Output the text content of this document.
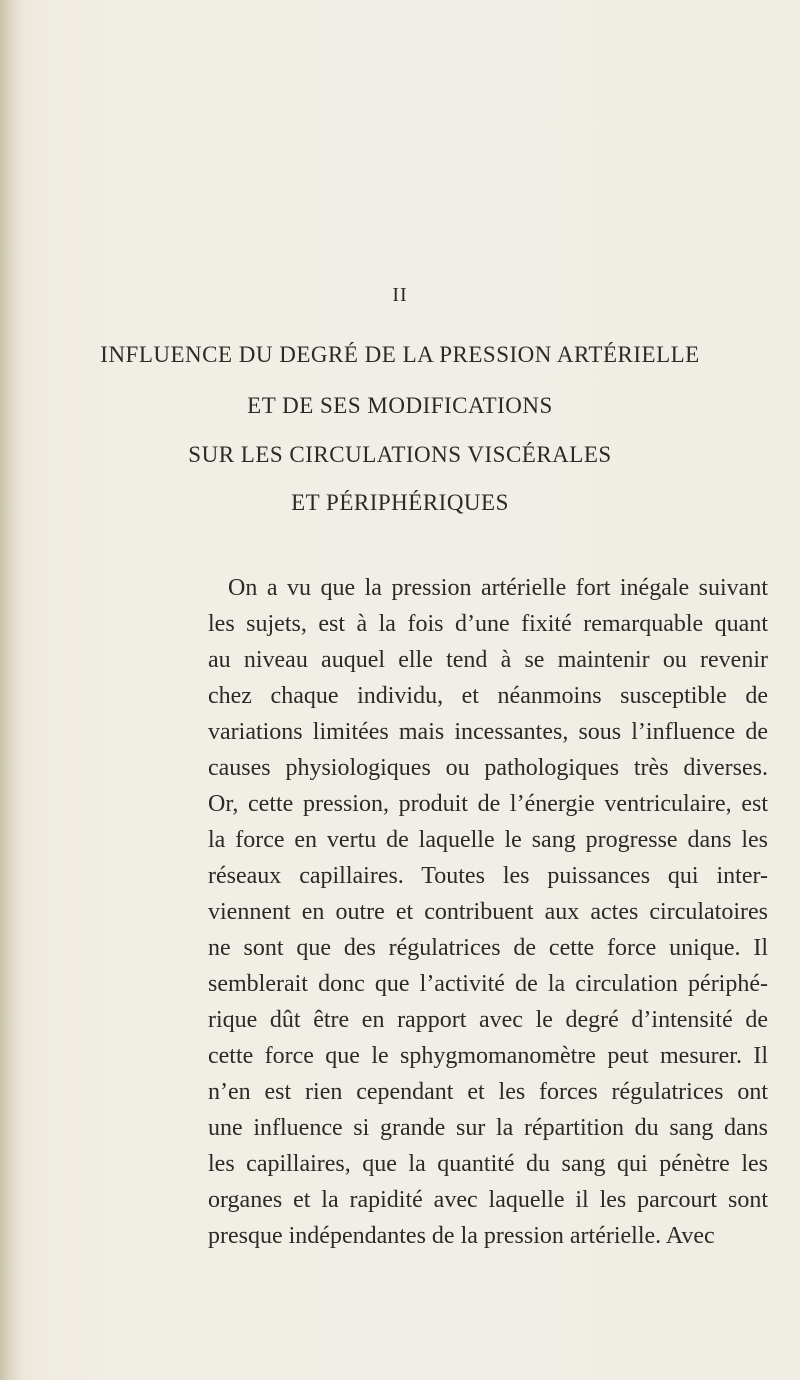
II
INFLUENCE DU DEGRÉ DE LA PRESSION ARTÉRIELLE
ET DE SES MODIFICATIONS
SUR LES CIRCULATIONS VISCÉRALES
ET PÉRIPHÉRIQUES
On a vu que la pression artérielle fort inégale suivant
les sujets, est à la fois d’une fixité remarquable quant
au niveau auquel elle tend à se maintenir ou revenir
chez chaque individu, et néanmoins susceptible de
variations limitées mais incessantes, sous l’influence de
causes physiologiques ou pathologiques très diverses.
Or, cette pression, produit de l’énergie ventriculaire, est
la force en vertu de laquelle le sang progresse dans les
réseaux capillaires. Toutes les puissances qui inter-
viennent en outre et contribuent aux actes circulatoires
ne sont que des régulatrices de cette force unique. Il
semblerait donc que l’activité de la circulation périphé-
rique dût être en rapport avec le degré d’intensité de
cette force que le sphygmomanomètre peut mesurer. Il
n’en est rien cependant et les forces régulatrices ont
une influence si grande sur la répartition du sang dans
les capillaires, que la quantité du sang qui pénètre les
organes et la rapidité avec laquelle il les parcourt sont
presque indépendantes de la pression artérielle. Avec
